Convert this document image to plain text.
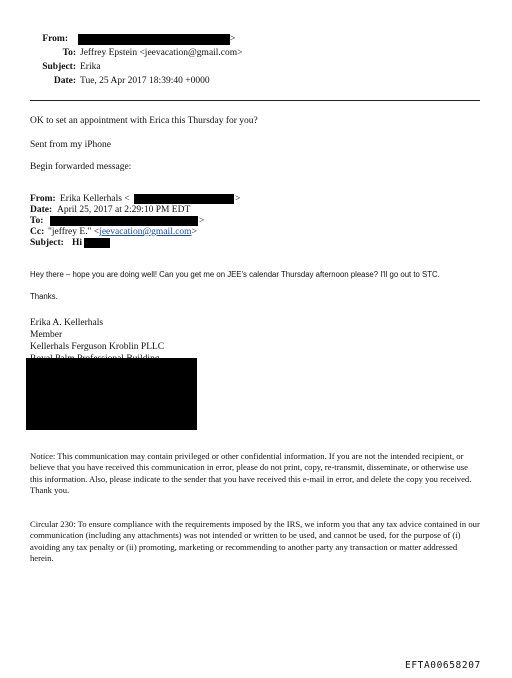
From:	>
To: Jeffrey Epstein <jeevacation@gmail.com>
Subject: Erika
Date: Tue, 25 Apr 2017 18:39:40 +0000
OK to set an appointment with Erica this Thursday for you?
Sent from my iPhone
Begin forwarded message:
From: Erika Kellerhals <	>
Date: April 25, 2017 at 2:29:10 PM EDT
To:	>
Cc: "jeffrey E." <jeevacation@gmail.com>
Subject: Hi
Hey there – hope you are doing well! Can you get me on JEE's calendar Thursday afternoon please? I'll go out to STC.
Thanks.
Erika A. Kellerhals
Member
Kellerhals Ferguson Kroblin PLLC
Notice: This communication may contain privileged or other confidential information. If you are not the intended recipient, or believe that you have received this communication in error, please do not print, copy, re-transmit, disseminate, or otherwise use this information. Also, please indicate to the sender that you have received this e-mail in error, and delete the copy you received. Thank you.
Circular 230: To ensure compliance with the requirements imposed by the IRS, we inform you that any tax advice contained in our communication (including any attachments) was not intended or written to be used, and cannot be used, for the purpose of (i) avoiding any tax penalty or (ii) promoting, marketing or recommending to another party any transaction or matter addressed herein.
EFTA00658207
